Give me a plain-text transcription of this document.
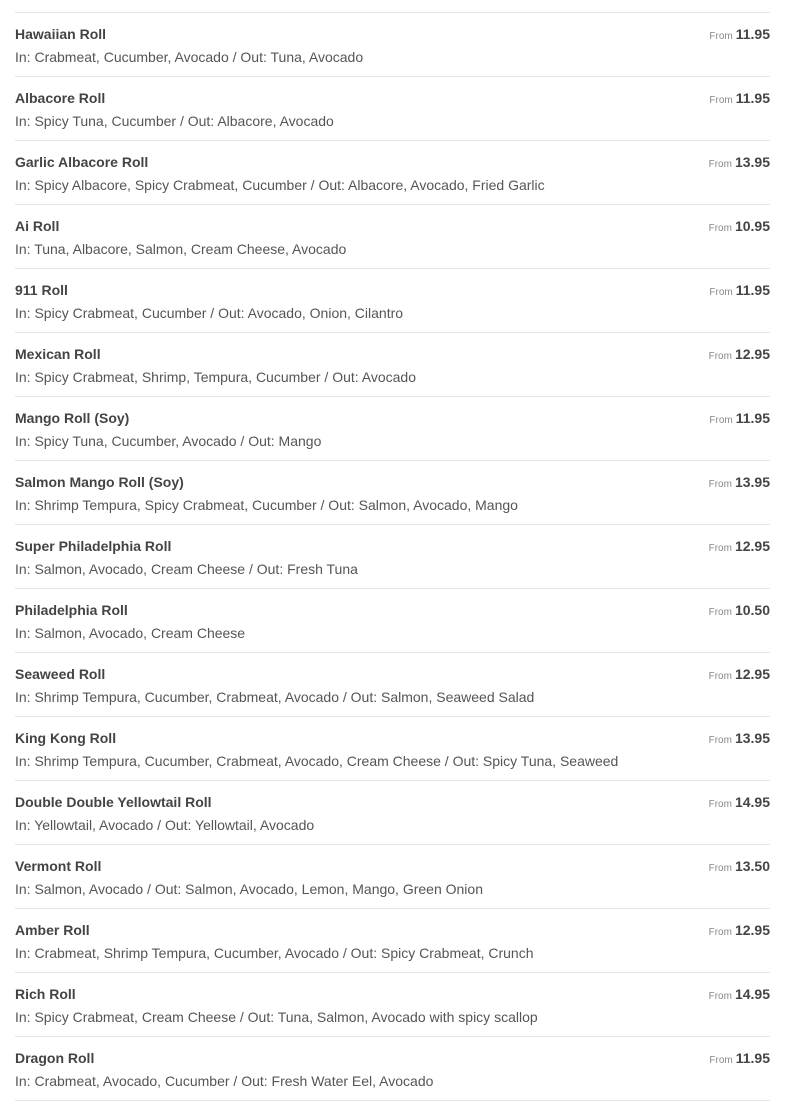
Hawaiian Roll
In: Crabmeat, Cucumber, Avocado / Out: Tuna, Avocado
From 11.95
Albacore Roll
In: Spicy Tuna, Cucumber / Out: Albacore, Avocado
From 11.95
Garlic Albacore Roll
In: Spicy Albacore, Spicy Crabmeat, Cucumber / Out: Albacore, Avocado, Fried Garlic
From 13.95
Ai Roll
In: Tuna, Albacore, Salmon, Cream Cheese, Avocado
From 10.95
911 Roll
In: Spicy Crabmeat, Cucumber / Out: Avocado, Onion, Cilantro
From 11.95
Mexican Roll
In: Spicy Crabmeat, Shrimp, Tempura, Cucumber / Out: Avocado
From 12.95
Mango Roll (Soy)
In: Spicy Tuna, Cucumber, Avocado / Out: Mango
From 11.95
Salmon Mango Roll (Soy)
In: Shrimp Tempura, Spicy Crabmeat, Cucumber / Out: Salmon, Avocado, Mango
From 13.95
Super Philadelphia Roll
In: Salmon, Avocado, Cream Cheese / Out: Fresh Tuna
From 12.95
Philadelphia Roll
In: Salmon, Avocado, Cream Cheese
From 10.50
Seaweed Roll
In: Shrimp Tempura, Cucumber, Crabmeat, Avocado / Out: Salmon, Seaweed Salad
From 12.95
King Kong Roll
In: Shrimp Tempura, Cucumber, Crabmeat, Avocado, Cream Cheese / Out: Spicy Tuna, Seaweed
From 13.95
Double Double Yellowtail Roll
In: Yellowtail, Avocado / Out: Yellowtail, Avocado
From 14.95
Vermont Roll
In: Salmon, Avocado / Out: Salmon, Avocado, Lemon, Mango, Green Onion
From 13.50
Amber Roll
In: Crabmeat, Shrimp Tempura, Cucumber, Avocado / Out: Spicy Crabmeat, Crunch
From 12.95
Rich Roll
In: Spicy Crabmeat, Cream Cheese / Out: Tuna, Salmon, Avocado with spicy scallop
From 14.95
Dragon Roll
In: Crabmeat, Avocado, Cucumber / Out: Fresh Water Eel, Avocado
From 11.95
